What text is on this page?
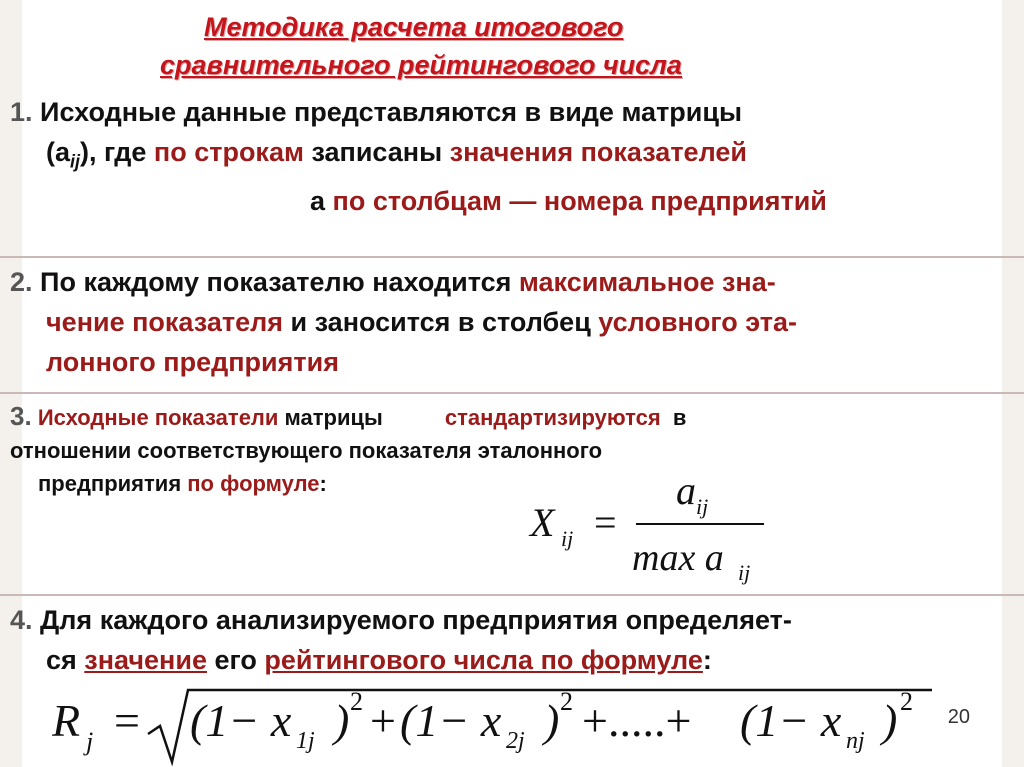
Методика расчета итогового
сравнительного рейтингового числа
1. Исходные данные представляются в виде матрицы
$(a_{ij})$, где по строкам записаны значения показателей
а по столбцам — номера предприятий
2. По каждому показателю находится максимальное зна-
чение показателя и заносится в столбец условного эта-
лонного предприятия
3. Исходные показатели матрицы	стандартизируются в
отношении соответствующего показателя эталонного
предприятия по формуле:
X ij =
a ij
max a ij
4. Для каждого анализируемого предприятия определяет-
ся значение его рейтингового числа по формуле:
R j = (1− x 1j ) 2 + (1− x 2j ) 2 +.....+ (1− x nj ) 2
20
